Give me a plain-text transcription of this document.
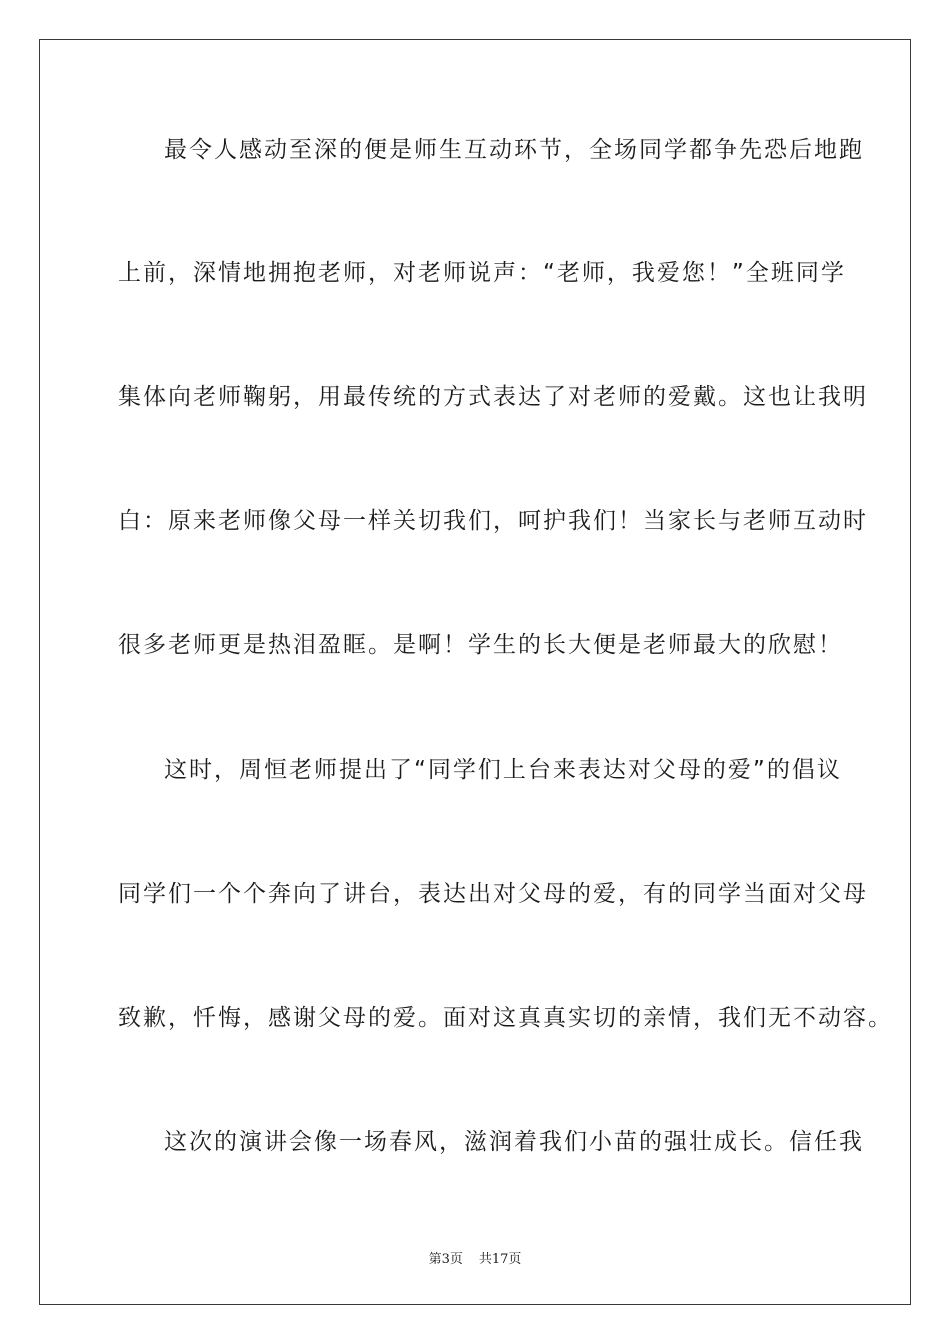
最令人感动至深的便是师生互动环节，全场同学都争先恐后地跑
上前，深情地拥抱老师，对老师说声：“老师，我爱您！”全班同学
集体向老师鞠躬，用最传统的方式表达了对老师的爱戴。这也让我明
白：原来老师像父母一样关切我们，呵护我们！当家长与老师互动时
很多老师更是热泪盈眶。是啊！学生的长大便是老师最大的欣慰！
这时，周恒老师提出了“同学们上台来表达对父母的爱”的倡议
同学们一个个奔向了讲台，表达出对父母的爱，有的同学当面对父母
致歉，忏悔，感谢父母的爱。面对这真真实切的亲情，我们无不动容。
这次的演讲会像一场春风，滋润着我们小苗的强壮成长。信任我
第3页 共17页
